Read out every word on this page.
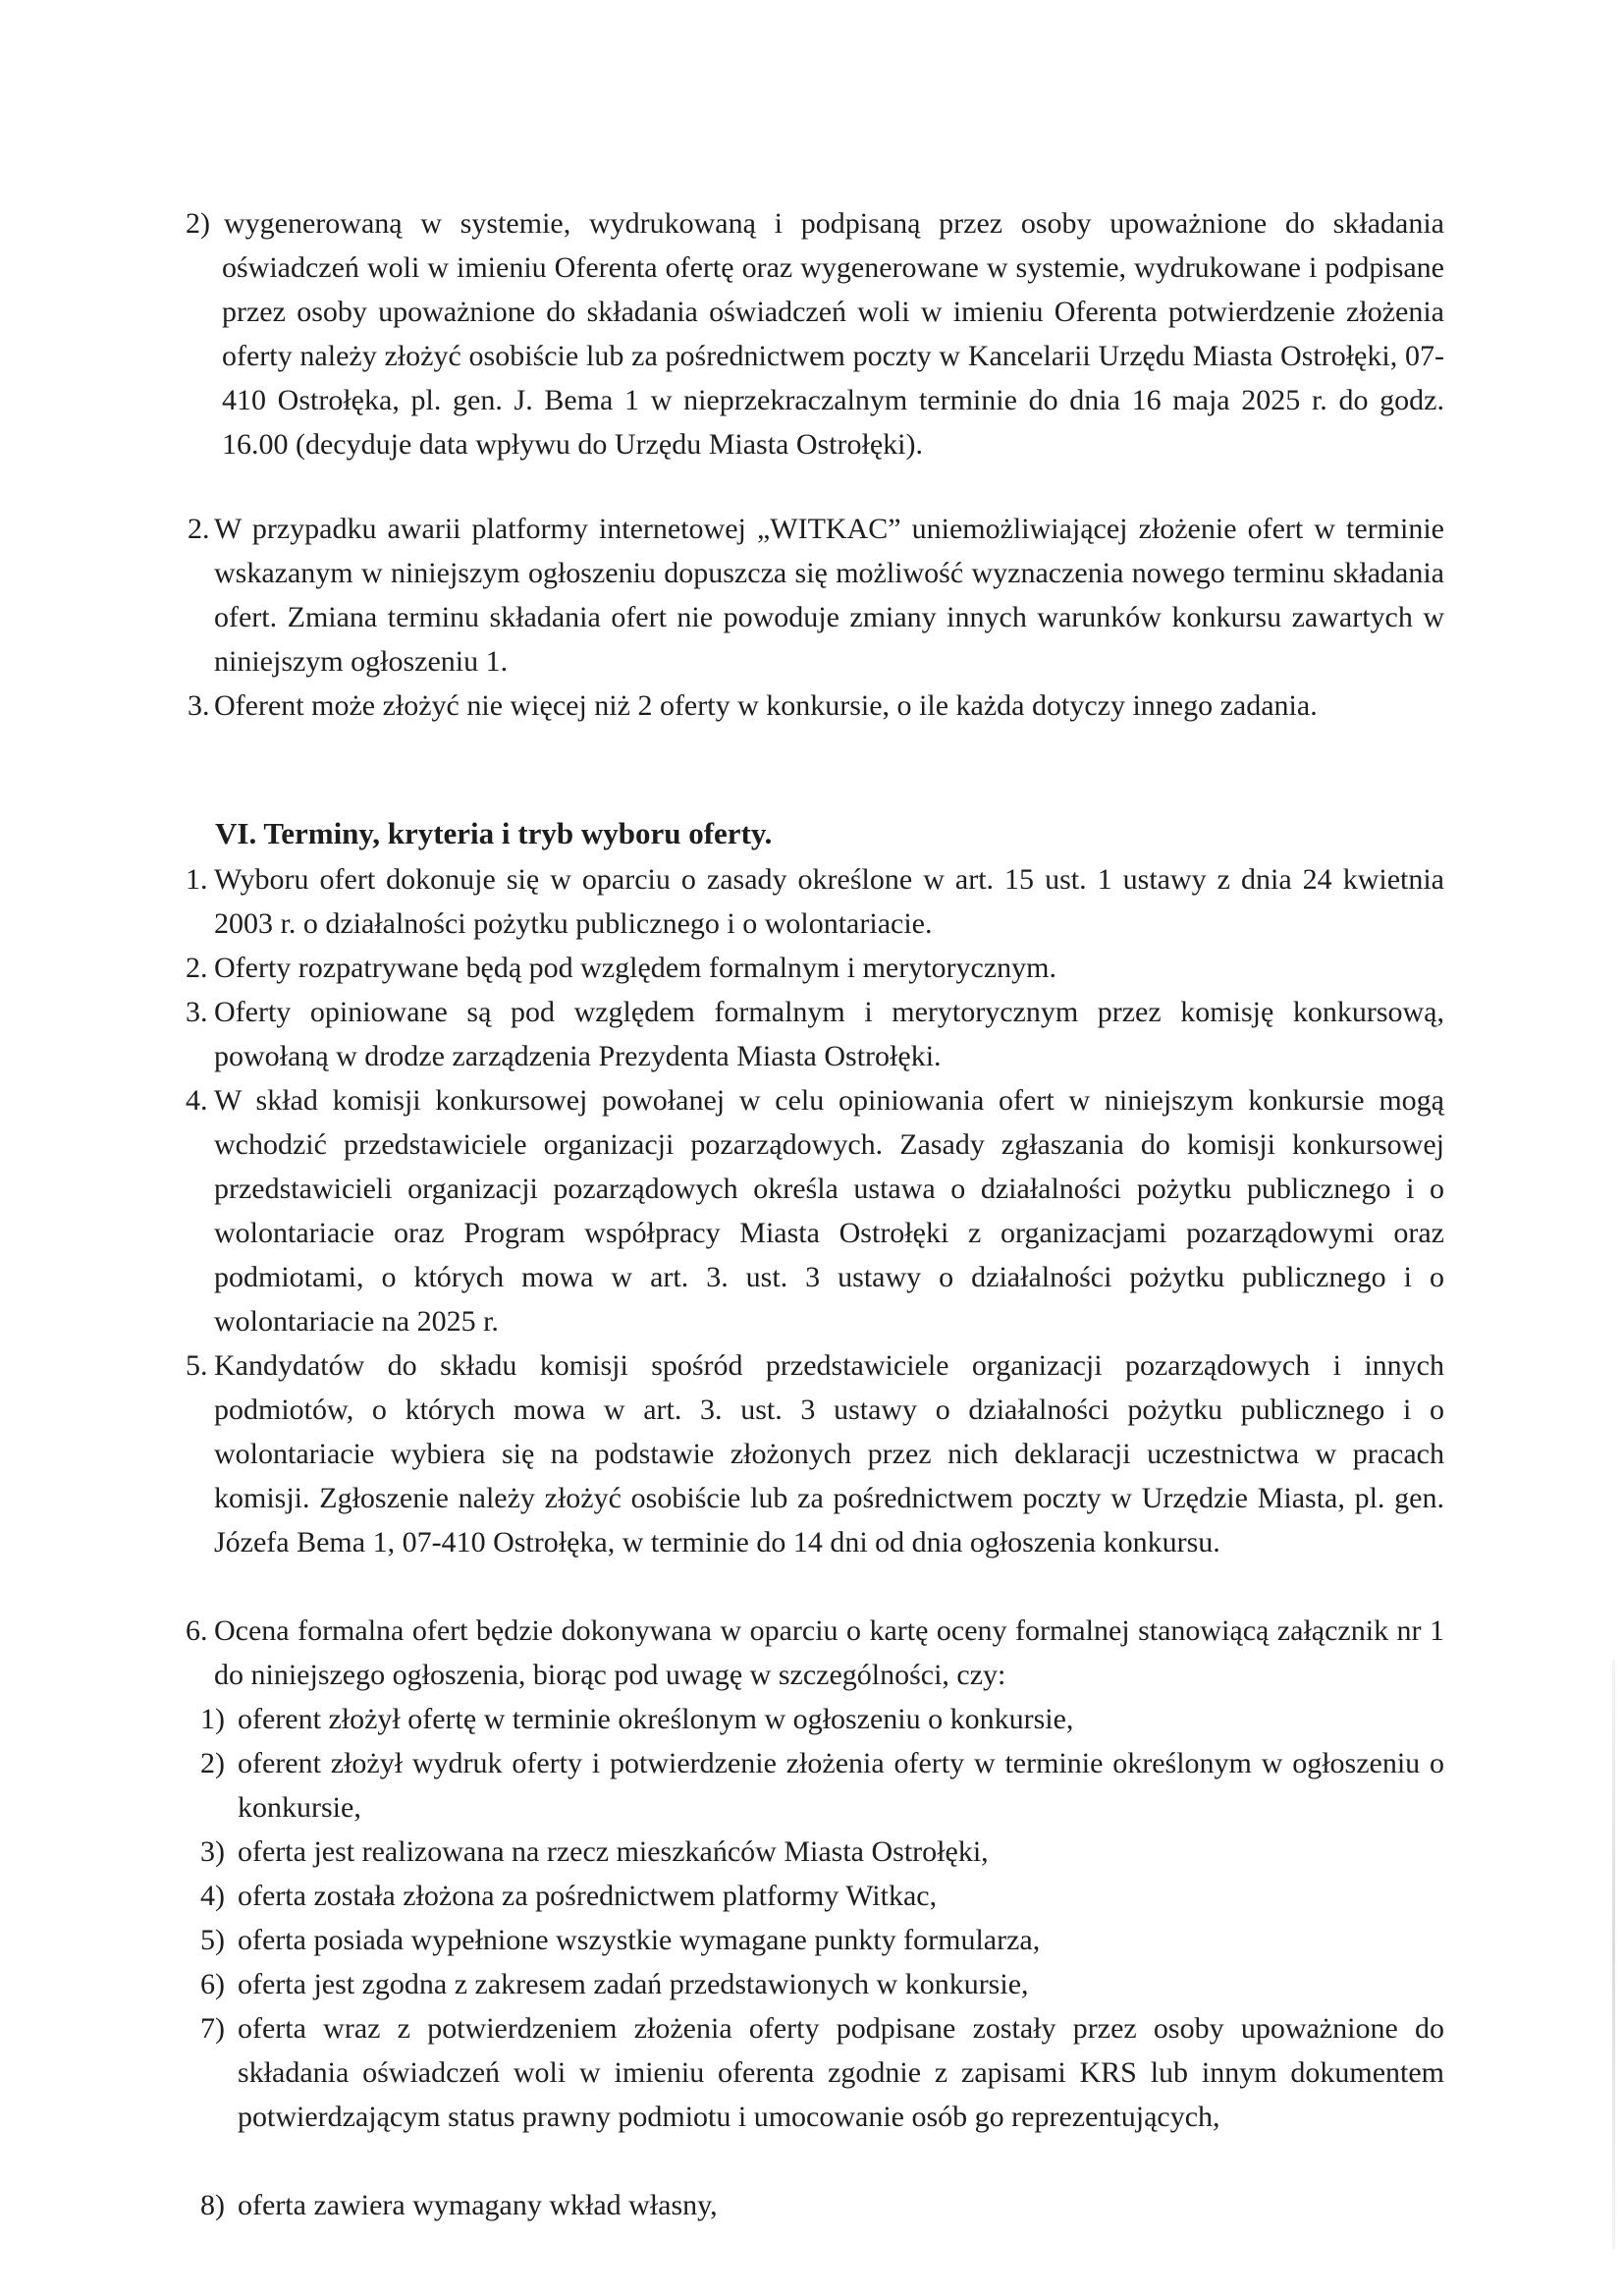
2) wygenerowaną w systemie, wydrukowaną i podpisaną przez osoby upoważnione do składania oświadczeń woli w imieniu Oferenta ofertę oraz wygenerowane w systemie, wydrukowane i podpisane przez osoby upoważnione do składania oświadczeń woli w imieniu Oferenta potwierdzenie złożenia oferty należy złożyć osobiście lub za pośrednictwem poczty w Kancelarii Urzędu Miasta Ostrołęki, 07-410 Ostrołęka, pl. gen. J. Bema 1 w nieprzekraczalnym terminie do dnia 16 maja 2025 r. do godz. 16.00 (decyduje data wpływu do Urzędu Miasta Ostrołęki).
2. W przypadku awarii platformy internetowej „WITKAC” uniemożliwiającej złożenie ofert w terminie wskazanym w niniejszym ogłoszeniu dopuszcza się możliwość wyznaczenia nowego terminu składania ofert. Zmiana terminu składania ofert nie powoduje zmiany innych warunków konkursu zawartych w niniejszym ogłoszeniu 1.
3. Oferent może złożyć nie więcej niż 2 oferty w konkursie, o ile każda dotyczy innego zadania.
VI. Terminy, kryteria i tryb wyboru oferty.
1. Wyboru ofert dokonuje się w oparciu o zasady określone w art. 15 ust. 1 ustawy z dnia 24 kwietnia 2003 r. o działalności pożytku publicznego i o wolontariacie.
2. Oferty rozpatrywane będą pod względem formalnym i merytorycznym.
3. Oferty opiniowane są pod względem formalnym i merytorycznym przez komisję konkursową, powołaną w drodze zarządzenia Prezydenta Miasta Ostrołęki.
4. W skład komisji konkursowej powołanej w celu opiniowania ofert w niniejszym konkursie mogą wchodzić przedstawiciele organizacji pozarządowych. Zasady zgłaszania do komisji konkursowej przedstawicieli organizacji pozarządowych określa ustawa o działalności pożytku publicznego i o wolontariacie oraz Program współpracy Miasta Ostrołęki z organizacjami pozarządowymi oraz podmiotami, o których mowa w art. 3. ust. 3 ustawy o działalności pożytku publicznego i o wolontariacie na 2025 r.
5. Kandydatów do składu komisji spośród przedstawiciele organizacji pozarządowych i innych podmiotów, o których mowa w art. 3. ust. 3 ustawy o działalności pożytku publicznego i o wolontariacie wybiera się na podstawie złożonych przez nich deklaracji uczestnictwa w pracach komisji. Zgłoszenie należy złożyć osobiście lub za pośrednictwem poczty w Urzędzie Miasta, pl. gen. Józefa Bema 1, 07-410 Ostrołęka, w terminie do 14 dni od dnia ogłoszenia konkursu.
6. Ocena formalna ofert będzie dokonywana w oparciu o kartę oceny formalnej stanowiącą załącznik nr 1 do niniejszego ogłoszenia, biorąc pod uwagę w szczególności, czy:
1) oferent złożył ofertę w terminie określonym w ogłoszeniu o konkursie,
2) oferent złożył wydruk oferty i potwierdzenie złożenia oferty w terminie określonym w ogłoszeniu o konkursie,
3) oferta jest realizowana na rzecz mieszkańców Miasta Ostrołęki,
4) oferta została złożona za pośrednictwem platformy Witkac,
5) oferta posiada wypełnione wszystkie wymagane punkty formularza,
6) oferta jest zgodna z zakresem zadań przedstawionych w konkursie,
7) oferta wraz z potwierdzeniem złożenia oferty podpisane zostały przez osoby upoważnione do składania oświadczeń woli w imieniu oferenta zgodnie z zapisami KRS lub innym dokumentem potwierdzającym status prawny podmiotu i umocowanie osób go reprezentujących,
8) oferta zawiera wymagany wkład własny,
